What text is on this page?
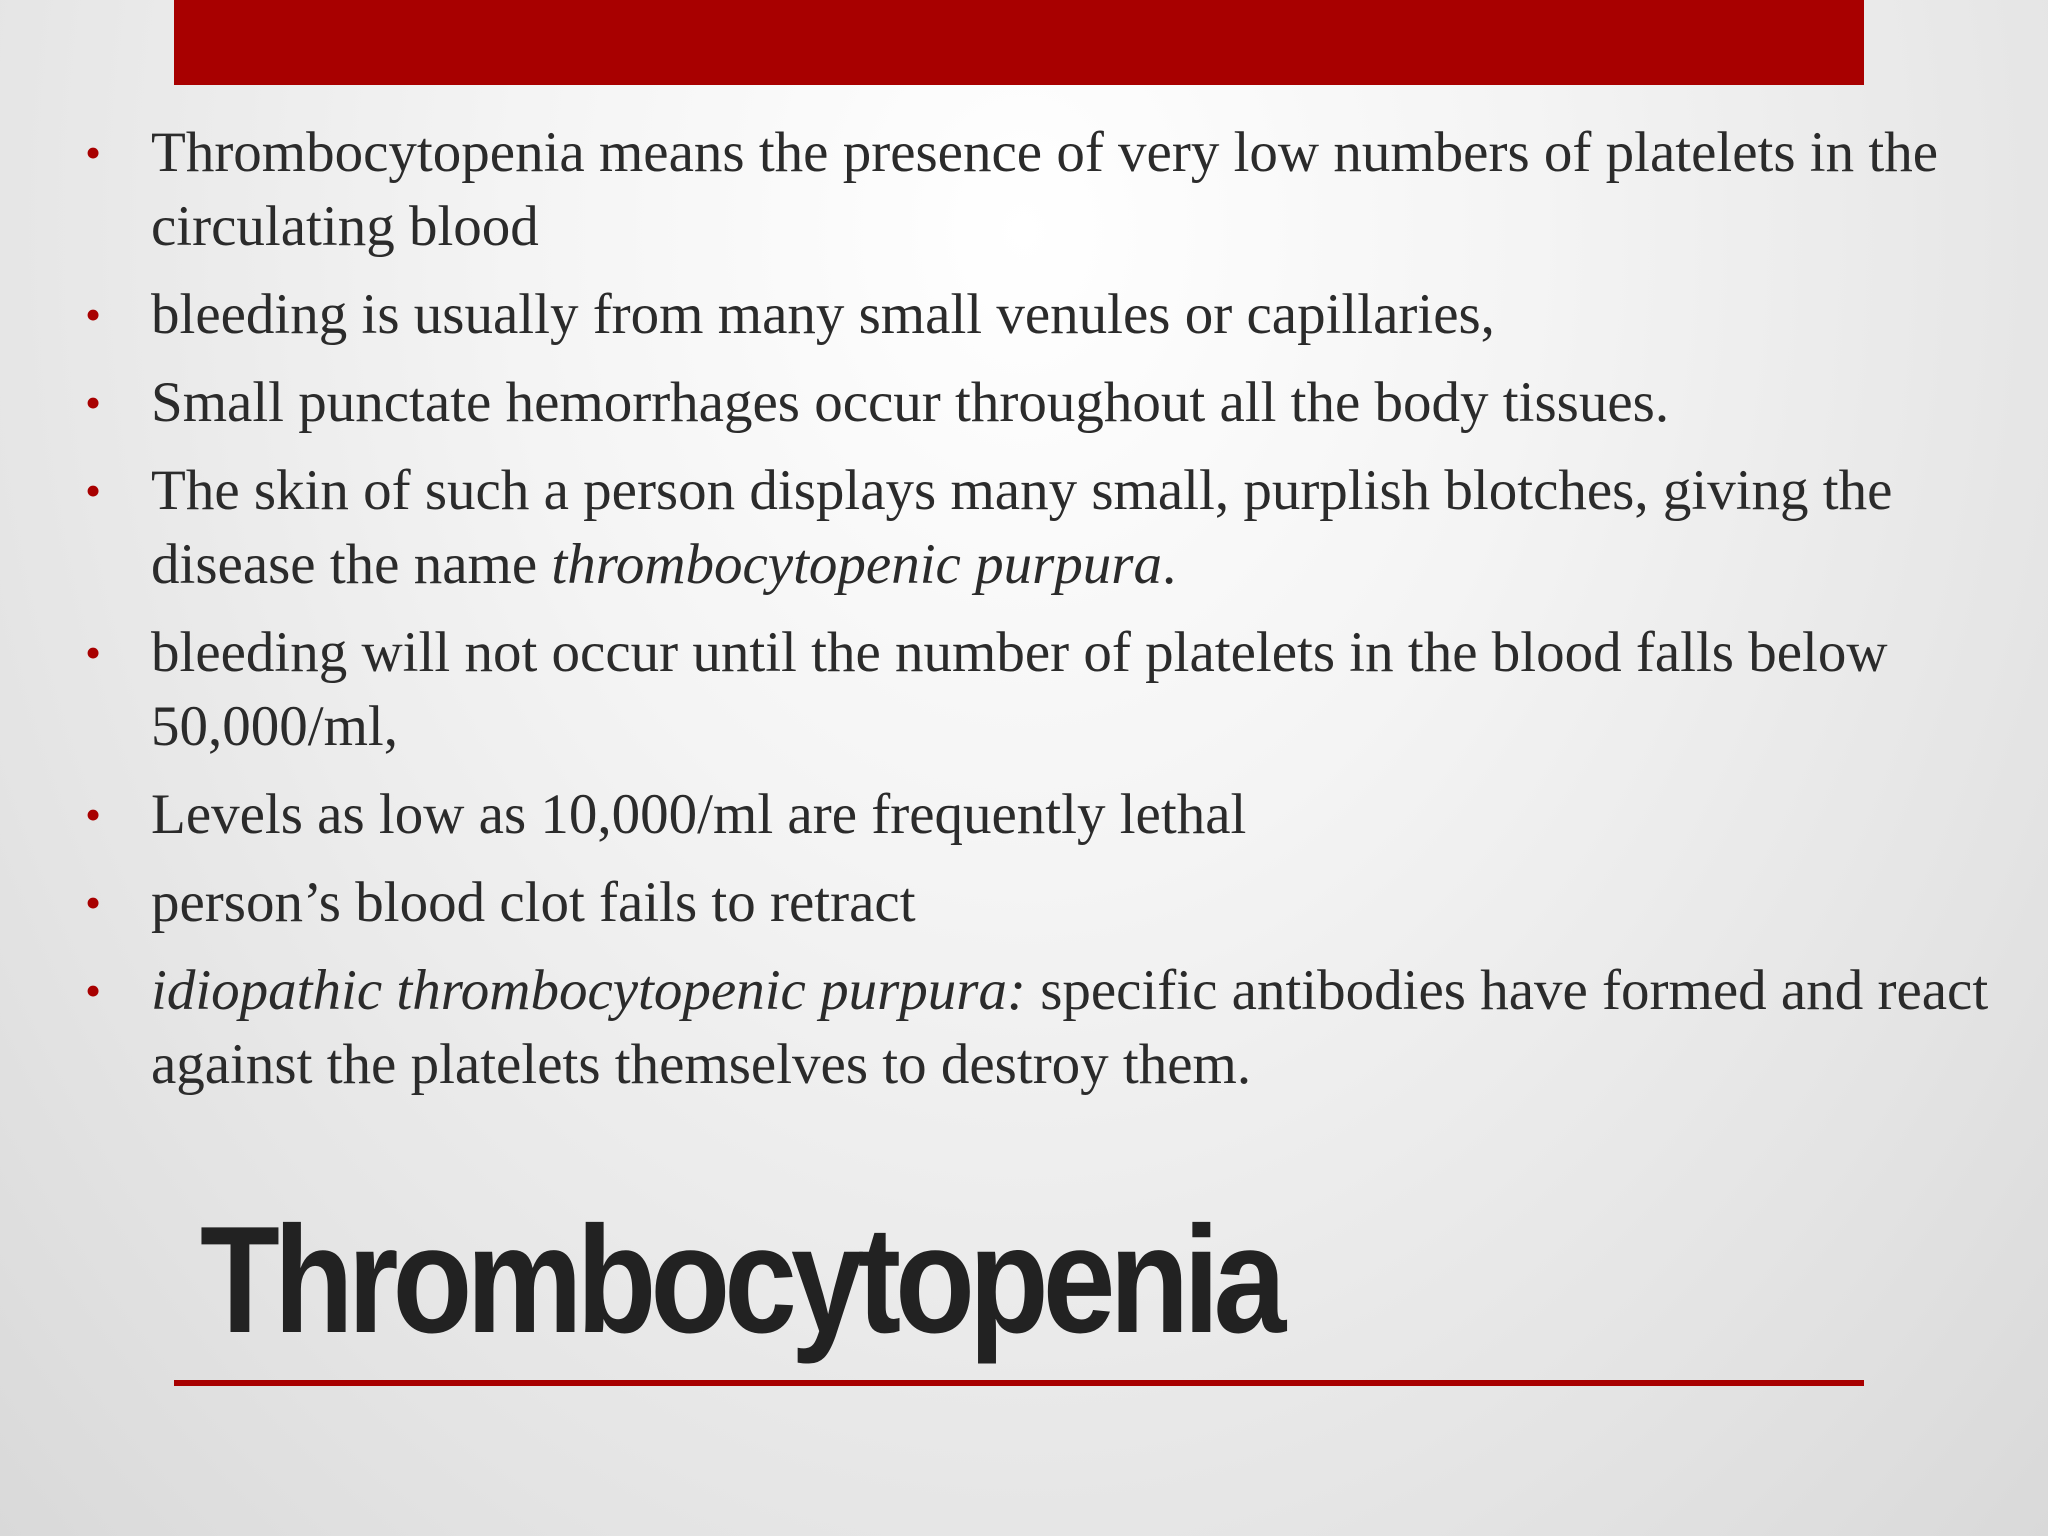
• Thrombocytopenia means the presence of very low numbers of platelets in the circulating blood
• bleeding is usually from many small venules or capillaries,
• Small punctate hemorrhages occur throughout all the body tissues.
• The skin of such a person displays many small, purplish blotches, giving the disease the name thrombocytopenic purpura.
• bleeding will not occur until the number of platelets in the blood falls below 50,000/ml,
• Levels as low as 10,000/ml are frequently lethal
• person’s blood clot fails to retract
• idiopathic thrombocytopenic purpura: specific antibodies have formed and react against the platelets themselves to destroy them.
Thrombocytopenia
